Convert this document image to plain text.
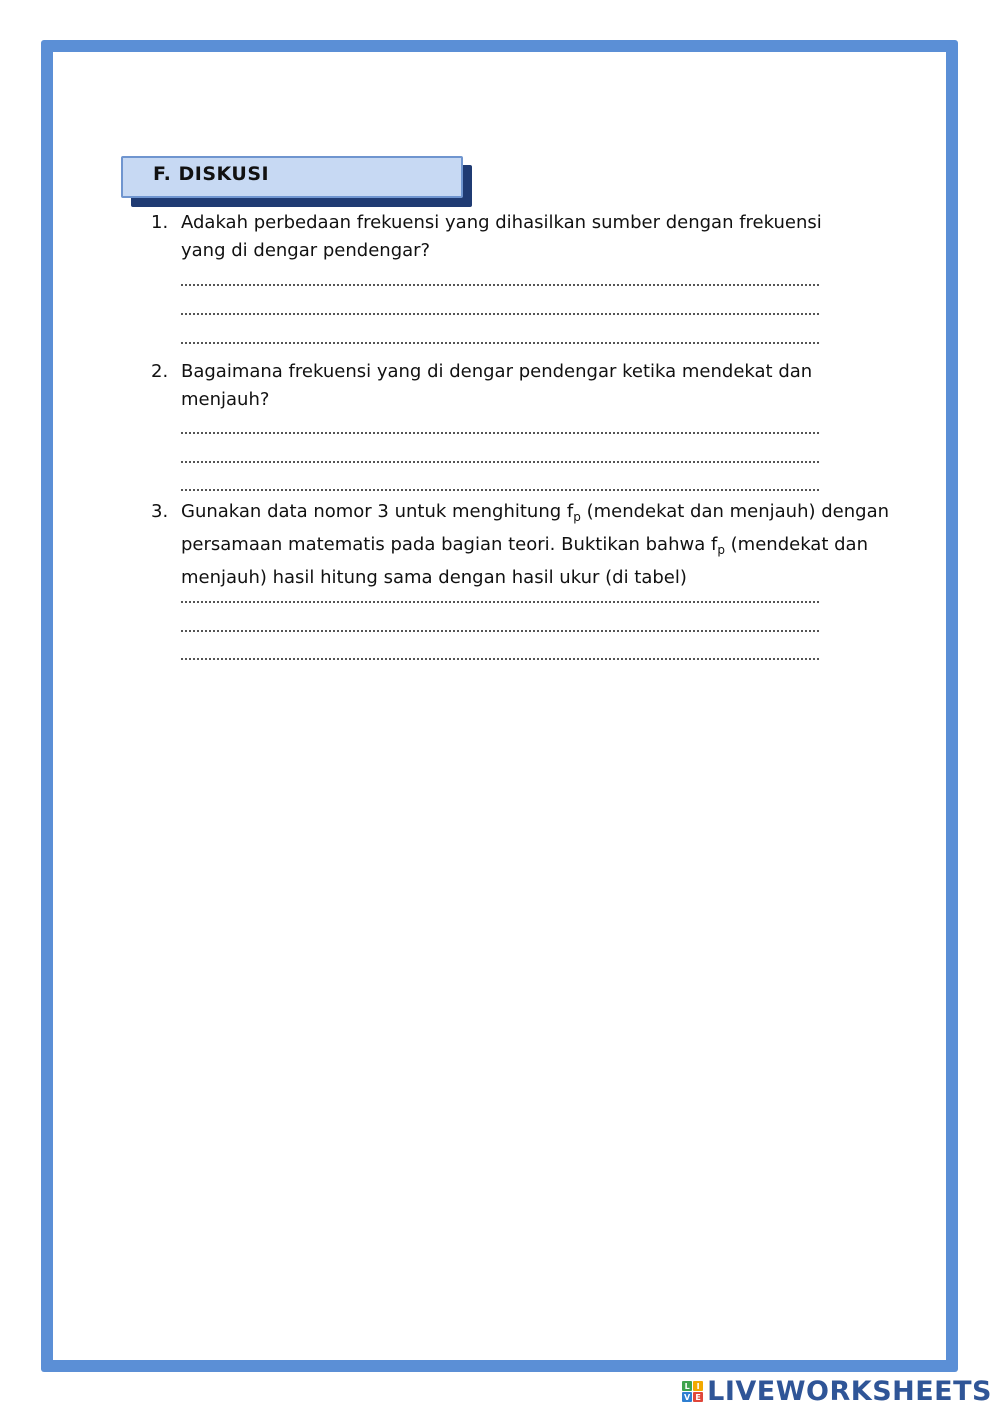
F. DISKUSI
1. Adakah perbedaan frekuensi yang dihasilkan sumber dengan frekuensi
yang di dengar pendengar?
2. Bagaimana frekuensi yang di dengar pendengar ketika mendekat dan
menjauh?
3. Gunakan data nomor 3 untuk menghitung $f_p$ (mendekat dan menjauh) dengan
persamaan matematis pada bagian teori. Buktikan bahwa $f_p$ (mendekat dan
menjauh) hasil hitung sama dengan hasil ukur (di tabel)
L I
V E LIVEWORKSHEETS
